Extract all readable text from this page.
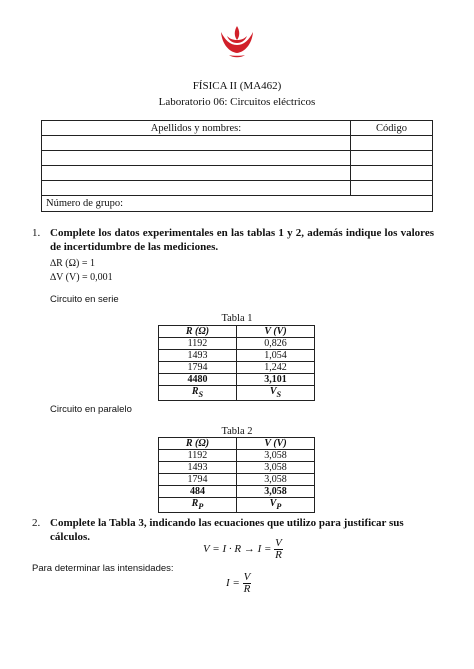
FÍSICA II (MA462)
Laboratorio 06: Circuitos eléctricos
Apellidos y nombres:	Código

Número de grupo:	
1. Complete los datos experimentales en las tablas 1 y 2, además indique los valores de incertidumbre de las mediciones.
∆R (Ω) = 1
∆V (V) = 0,001
Circuito en serie
Tabla 1
R (Ω)	V (V)
1192	0,826
1493	1,054
1794	1,242
4480	3,101
$R_S$	$V_S$
Circuito en paralelo
Tabla 2
R (Ω)	V (V)
1192	3,058
1493	3,058
1794	3,058
484	3,058
$R_P$	$V_P$
2. Complete la Tabla 3, indicando las ecuaciones que utilizo para justificar sus cálculos.
$V = I \cdot R \to I = \frac{V}{R}$
Para determinar las intensidades:
$I = \frac{V}{R}$
